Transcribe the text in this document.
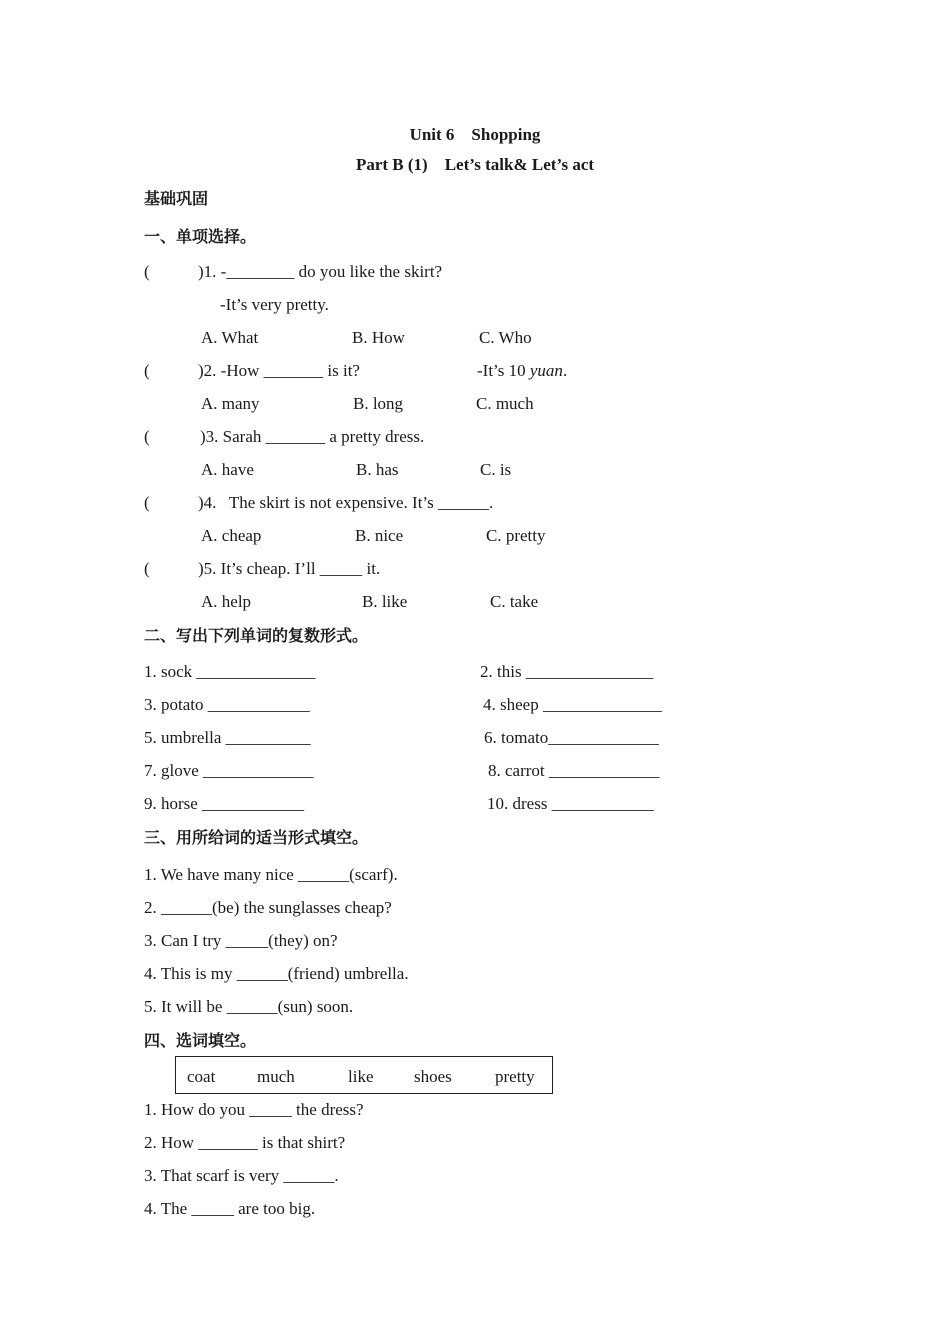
Unit 6    Shopping
Part B (1)    Let’s talk& Let’s act
基础巩固
一、单项选择。
(	)1. -________ do you like the skirt?
-It’s very pretty.
A. What	B. How	C. Who
(	)2. -How _______ is it?	-It’s 10 yuan.
A. many	B. long	C. much
(	)3. Sarah _______ a pretty dress.
A. have	B. has	C. is
(	)4.   The skirt is not expensive. It’s ______.
A. cheap	B. nice	C. pretty
(	)5. It’s cheap. I’ll _____ it.
A. help	B. like	C. take
二、写出下列单词的复数形式。
1. sock ______________	2. this _______________
3. potato ____________	4. sheep ______________
5. umbrella __________	6. tomato_____________
7. glove _____________	8. carrot _____________
9. horse ____________	10. dress ____________
三、用所给词的适当形式填空。
1. We have many nice ______(scarf).
2. ______(be) the sunglasses cheap?
3. Can I try _____(they) on?
4. This is my ______(friend) umbrella.
5. It will be ______(sun) soon.
四、选词填空。
coat much	like shoes	pretty
1. How do you _____ the dress?
2. How _______ is that shirt?
3. That scarf is very ______.
4. The _____ are too big.
